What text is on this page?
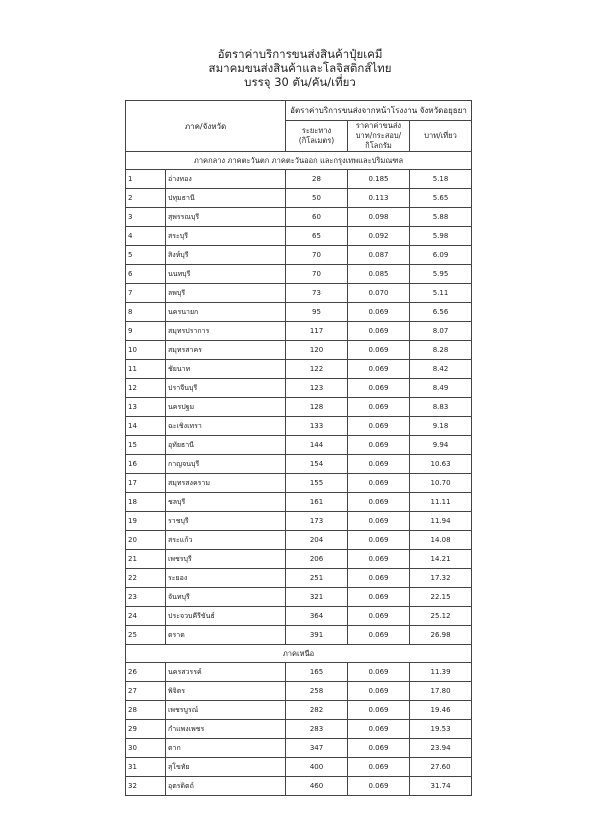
อัตราค่าบริการขนส่งสินค้าปุ๋ยเคมี
สมาคมขนส่งสินค้าและโลจิสติกส์ไทย
บรรจุ 30 ตัน/คัน/เที่ยว
ภาค/จังหวัด		อัตราค่าบริการขนส่งจากหน้าโรงงาน จังหวัดอยุธยา		
		ระยะทาง (กิโลเมตร)	ราคาค่าขนส่ง บาท/กระสอบ/ กิโลกรัม	บาท/เที่ยว
ภาคกลาง ภาคตะวันตก ภาคตะวันออก และกรุงเทพและปริมณฑล				
1	อ่างทอง	28	0.185	5.18
2	ปทุมธานี	50	0.113	5.65
3	สุพรรณบุรี	60	0.098	5.88
4	สระบุรี	65	0.092	5.98
5	สิงห์บุรี	70	0.087	6.09
6	นนทบุรี	70	0.085	5.95
7	ลพบุรี	73	0.070	5.11
8	นครนายก	95	0.069	6.56
9	สมุทรปราการ	117	0.069	8.07
10	สมุทรสาคร	120	0.069	8.28
11	ชัยนาท	122	0.069	8.42
12	ปราจีนบุรี	123	0.069	8.49
13	นครปฐม	128	0.069	8.83
14	ฉะเชิงเทรา	133	0.069	9.18
15	อุทัยธานี	144	0.069	9.94
16	กาญจนบุรี	154	0.069	10.63
17	สมุทรสงคราม	155	0.069	10.70
18	ชลบุรี	161	0.069	11.11
19	ราชบุรี	173	0.069	11.94
20	สระแก้ว	204	0.069	14.08
21	เพชรบุรี	206	0.069	14.21
22	ระยอง	251	0.069	17.32
23	จันทบุรี	321	0.069	22.15
24	ประจวบคีรีขันธ์	364	0.069	25.12
25	ตราด	391	0.069	26.98
ภาคเหนือ				
26	นครสวรรค์	165	0.069	11.39
27	พิจิตร	258	0.069	17.80
28	เพชรบูรณ์	282	0.069	19.46
29	กำแพงเพชร	283	0.069	19.53
30	ตาก	347	0.069	23.94
31	สุโขทัย	400	0.069	27.60
32	อุตรดิตถ์	460	0.069	31.74
